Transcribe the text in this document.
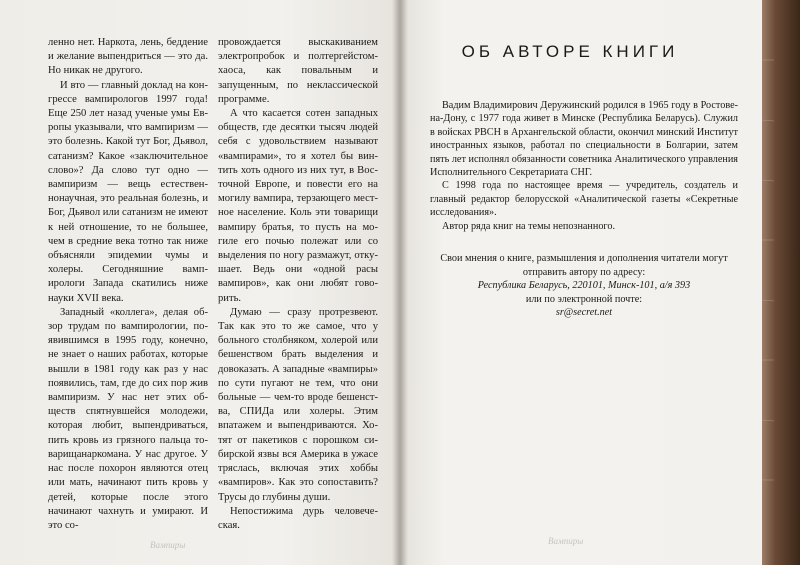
ленно нет. Наркота, лень, беддение и желание выпендриться — это да. Но никак не другого.

И вто — главный доклад на конгрессе вампирологов 1997 года! Еще 250 лет назад ученые умы Европы указывали, что вампиризм — это болезнь. Какой тут Бог, Дьявол, сатанизм? Какое «заключительное слово»? Да слово тут одно — вампиризм — вещь естественнонаучная, это реальная болезнь, и Бог, Дьявол или сатанизм не имеют к ней отношение, то не большее, чем в средние века тотно так ниже объясняли эпидемии чумы и холеры. Сегодняшние вампирологи Запада скатились ниже науки XVII века.

Западный «коллега», делая обзор трудам по вампирологии, появившимся в 1995 году, конечно, не знает о наших работах, которые вышли в 1981 году как раз у нас появились, там, где до сих пор жив вампиризм. У нас нет этих обществ спятнувшейся молодежи, которая любит, выпендриваться, пить кровь из грязного пальца товарищанаркомана. У нас другое. У нас после похорон являются отец или мать, начинают пить кровь у детей, которые после этого начинают чахнуть и умирают. И это со-

провождается выскакиванием электропробок и полтергейстомхаоса, как повальным и запущенным, по неклассической программе.

А что касается сотен западных обществ, где десятки тысяч людей себя с удовольствием называют «вампирами», то я хотел бы винтить хоть одного из них тут, в Восточной Европе, и повести его на могилу вампира, терзающего местное население. Коль эти товарищи вампиру братья, то пусть на могиле его почью полежат или со выделения по ногу размажут, откушает. Ведь они «одной расы вампиров», как они любят говорить.

Думаю — сразу протрезвеют. Так как это то же самое, что у больного столбняком, холерой или бешенством брать выделения и довоказать. А западные «вампиры» по сути пугают не тем, что они больные — чем-то вроде бешенства, СПИДа или холеры. Этим впатажем и выпендриваются. Хотят от пакетиков с порошком сибирской язвы вся Америка в ужасе тряслась, включая этих хоббы «вампиров». Как это сопоставить? Трусы до глубины души.

Непостижима дурь человеческая.

Вампиры
ОБ АВТОРЕ КНИГИ

Вадим Владимирович Деружинский родился в 1965 году в Ростове-на-Дону, с 1977 года живет в Минске (Республика Беларусь). Служил в войсках РВСН в Архангельской области, окончил минский Институт иностранных языков, работал по специальности в Болгарии, затем пять лет исполнял обязанности советника Аналитического управления Исполнительного Секретариата СНГ.

С 1998 года по настоящее время — учредитель, создатель и главный редактор белорусской «Аналитической газеты «Секретные исследования».

Автор ряда книг на темы непознанного.

Свои мнения о книге, размышления и дополнения читатели могут отправить автору по адресу:

Республика Беларусь, 220101, Минск-101, а/я 393

или по электронной почте:

sr@secret.net

Вампиры
